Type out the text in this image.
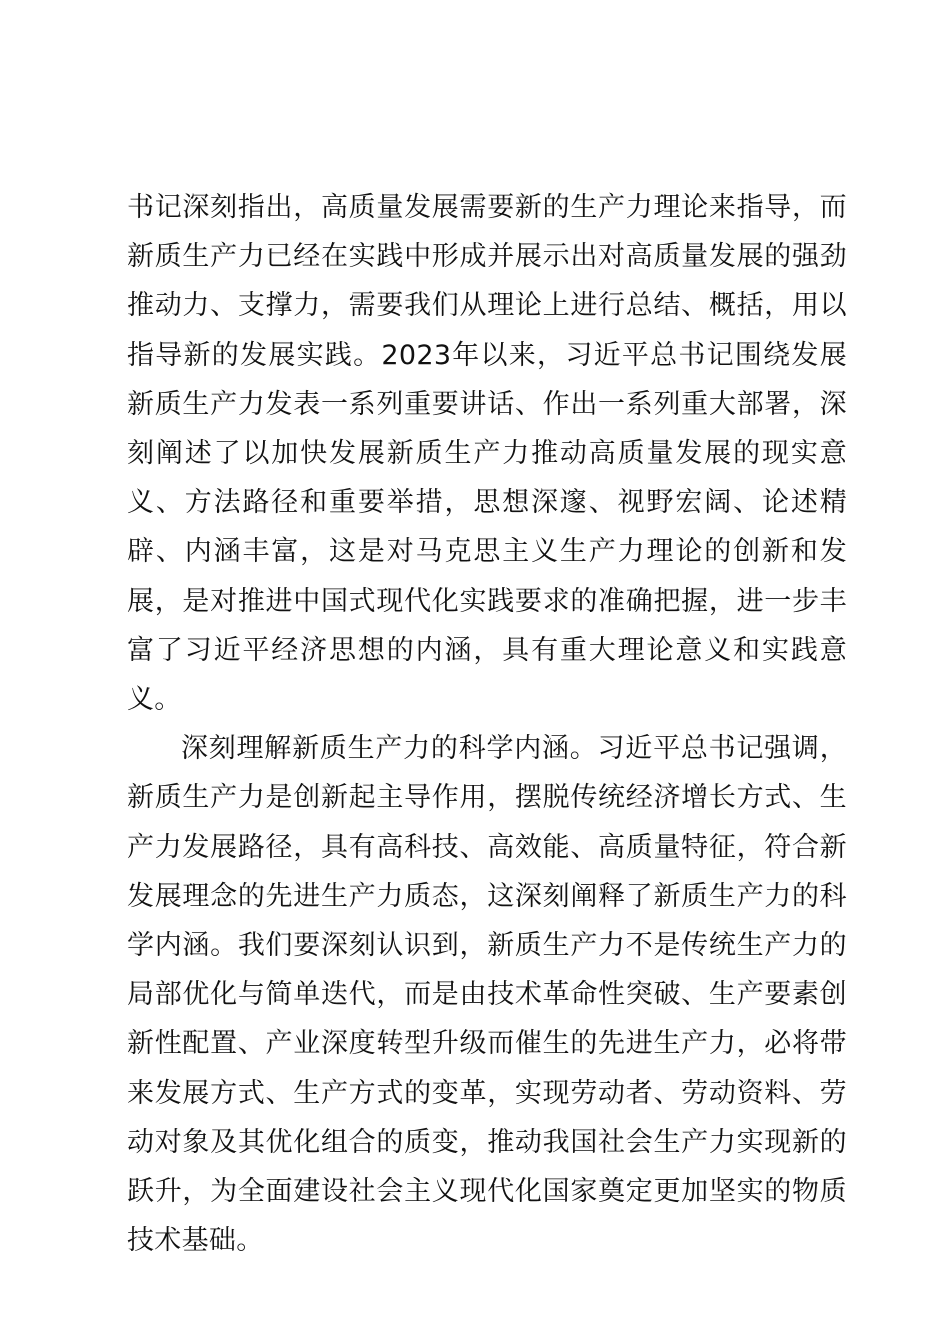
书记深刻指出，高质量发展需要新的生产力理论来指导，而新质生产力已经在实践中形成并展示出对高质量发展的强劲推动力、支撑力，需要我们从理论上进行总结、概括，用以指导新的发展实践。2023年以来，习近平总书记围绕发展新质生产力发表一系列重要讲话、作出一系列重大部署，深刻阐述了以加快发展新质生产力推动高质量发展的现实意义、方法路径和重要举措，思想深邃、视野宏阔、论述精辟、内涵丰富，这是对马克思主义生产力理论的创新和发展，是对推进中国式现代化实践要求的准确把握，进一步丰富了习近平经济思想的内涵，具有重大理论意义和实践意义。

深刻理解新质生产力的科学内涵。习近平总书记强调，新质生产力是创新起主导作用，摆脱传统经济增长方式、生产力发展路径，具有高科技、高效能、高质量特征，符合新发展理念的先进生产力质态，这深刻阐释了新质生产力的科学内涵。我们要深刻认识到，新质生产力不是传统生产力的局部优化与简单迭代，而是由技术革命性突破、生产要素创新性配置、产业深度转型升级而催生的先进生产力，必将带来发展方式、生产方式的变革，实现劳动者、劳动资料、劳动对象及其优化组合的质变，推动我国社会生产力实现新的跃升，为全面建设社会主义现代化国家奠定更加坚实的物质技术基础。
